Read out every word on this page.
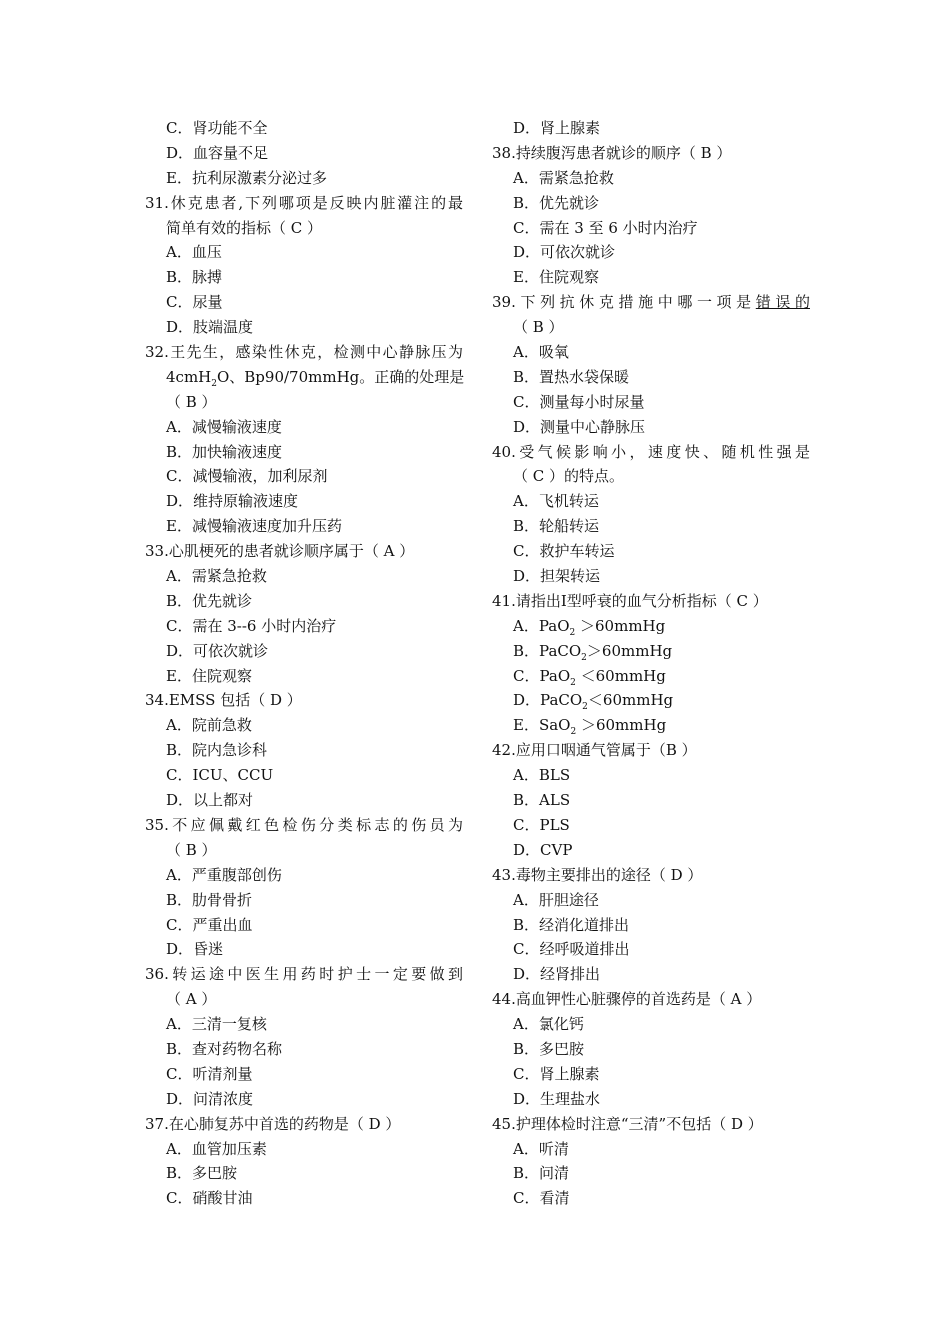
C．肾功能不全
D．血容量不足
E．抗利尿激素分泌过多
31.休克患者,下列哪项是反映内脏灌注的最
简单有效的指标（ C ）
A．血压
B．脉搏
C．尿量
D．肢端温度
32.王先生，感染性休克，检测中心静脉压为
4cmH$_2$O、Bp90/70mmHg。正确的处理是
（ B ）
A．减慢输液速度
B．加快输液速度
C．减慢输液，加利尿剂
D．维持原输液速度
E．减慢输液速度加升压药
33.心肌梗死的患者就诊顺序属于（ A ）
A．需紧急抢救
B．优先就诊
C．需在 3--6 小时内治疗
D．可依次就诊
E．住院观察
34.EMSS 包括（ D ）
A．院前急救
B．院内急诊科
C．ICU、CCU
D．以上都对
35.不应佩戴红色检伤分类标志的伤员为
（ B ）
A．严重腹部创伤
B．肋骨骨折
C．严重出血
D．昏迷
36.转运途中医生用药时护士一定要做到
（ A ）
A．三清一复核
B．查对药物名称
C．听清剂量
D．问清浓度
37.在心肺复苏中首选的药物是（ D ）
A．血管加压素
B．多巴胺
C．硝酸甘油
D．肾上腺素
38.持续腹泻患者就诊的顺序（ B ）
A．需紧急抢救
B．优先就诊
C．需在 3 至 6 小时内治疗
D．可依次就诊
E．住院观察
39.下列抗休克措施中哪一项是错误的
（ B ）
A．吸氧
B．置热水袋保暖
C．测量每小时尿量
D．测量中心静脉压
40.受气候影响小，速度快、随机性强是
（ C ）的特点。
A．飞机转运
B．轮船转运
C．救护车转运
D．担架转运
41.请指出Ⅰ型呼衰的血气分析指标（ C ）
A．PaO$_2$ ＞60mmHg
B．PaCO$_2$＞60mmHg
C．PaO$_2$ ＜60mmHg
D．PaCO$_2$＜60mmHg
E．SaO$_2$ ＞60mmHg
42.应用口咽通气管属于（B ）
A．BLS
B．ALS
C．PLS
D．CVP
43.毒物主要排出的途径（ D ）
A．肝胆途径
B．经消化道排出
C．经呼吸道排出
D．经肾排出
44.高血钾性心脏骤停的首选药是（ A ）
A．氯化钙
B．多巴胺
C．肾上腺素
D．生理盐水
45.护理体检时注意“三清”不包括（ D ）
A．听清
B．问清
C．看清
